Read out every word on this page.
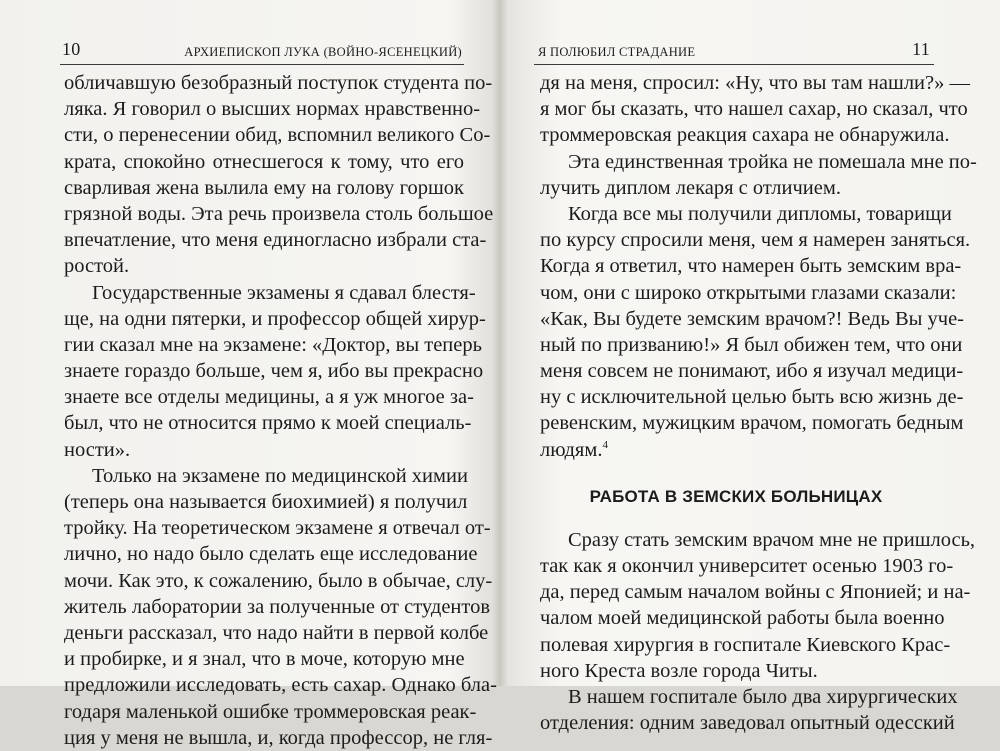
10	АРХИЕПИСКОП ЛУКА (ВОЙНО-ЯСЕНЕЦКИЙ)
обличавшую безобразный поступок студента по-
ляка. Я говорил о высших нормах нравственно-
сти, о перенесении обид, вспомнил великого Со-
крата, спокойно отнесшегося к тому, что его
сварливая жена вылила ему на голову горшок
грязной воды. Эта речь произвела столь большое
впечатление, что меня единогласно избрали ста-
ростой.
Государственные экзамены я сдавал блестя-
ще, на одни пятерки, и профессор общей хирур-
гии сказал мне на экзамене: «Доктор, вы теперь
знаете гораздо больше, чем я, ибо вы прекрасно
знаете все отделы медицины, а я уж многое за-
был, что не относится прямо к моей специаль-
ности».
Только на экзамене по медицинской химии
(теперь она называется биохимией) я получил
тройку. На теоретическом экзамене я отвечал от-
лично, но надо было сделать еще исследование
мочи. Как это, к сожалению, было в обычае, слу-
житель лаборатории за полученные от студентов
деньги рассказал, что надо найти в первой колбе
и пробирке, и я знал, что в моче, которую мне
предложили исследовать, есть сахар. Однако бла-
годаря маленькой ошибке троммеровская реак-
ция у меня не вышла, и, когда профессор, не гля-
Я ПОЛЮБИЛ СТРАДАНИЕ	11
дя на меня, спросил: «Ну, что вы там нашли?» —
я мог бы сказать, что нашел сахар, но сказал, что
троммеровская реакция сахара не обнаружила.
Эта единственная тройка не помешала мне по-
лучить диплом лекаря с отличием.
Когда все мы получили дипломы, товарищи
по курсу спросили меня, чем я намерен заняться.
Когда я ответил, что намерен быть земским вра-
чом, они с широко открытыми глазами сказали:
«Как, Вы будете земским врачом?! Ведь Вы уче-
ный по призванию!» Я был обижен тем, что они
меня совсем не понимают, ибо я изучал медици-
ну с исключительной целью быть всю жизнь де-
ревенским, мужицким врачом, помогать бедным
людям.$^4$
РАБОТА В ЗЕМСКИХ БОЛЬНИЦАХ
Сразу стать земским врачом мне не пришлось,
так как я окончил университет осенью 1903 го-
да, перед самым началом войны с Японией; и на-
чалом моей медицинской работы была военно
полевая хирургия в госпитале Киевского Крас-
ного Креста возле города Читы.
В нашем госпитале было два хирургических
отделения: одним заведовал опытный одесский
